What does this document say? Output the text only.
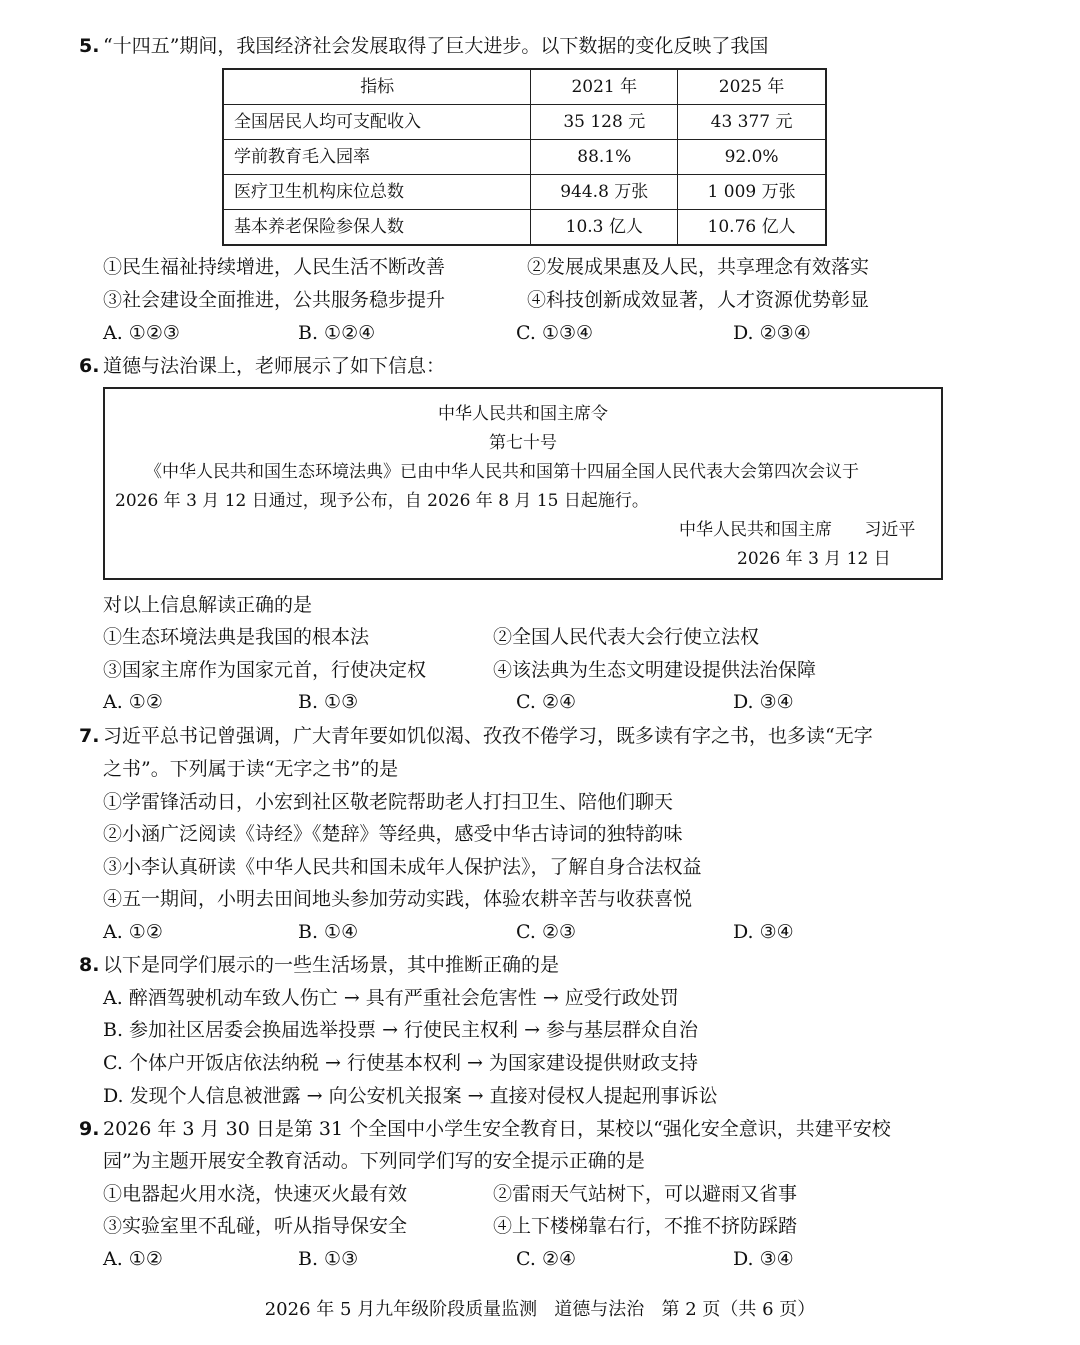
5. “十四五”期间，我国经济社会发展取得了巨大进步。以下数据的变化反映了我国
指标	2021 年	2025 年
全国居民人均可支配收入	35 128 元	43 377 元
学前教育毛入园率	88.1%	92.0%
医疗卫生机构床位总数	944.8 万张	1 009 万张
基本养老保险参保人数	10.3 亿人	10.76 亿人
①民生福祉持续增进，人民生活不断改善	②发展成果惠及人民，共享理念有效落实
③社会建设全面推进，公共服务稳步提升	④科技创新成效显著，人才资源优势彰显
A. ①②③	B. ①②④	C. ①③④	D. ②③④
6. 道德与法治课上，老师展示了如下信息：
中华人民共和国主席令
第七十号
《中华人民共和国生态环境法典》已由中华人民共和国第十四届全国人民代表大会第四次会议于
2026 年 3 月 12 日通过，现予公布，自 2026 年 8 月 15 日起施行。
中华人民共和国主席      习近平
2026 年 3 月 12 日
对以上信息解读正确的是
①生态环境法典是我国的根本法	②全国人民代表大会行使立法权
③国家主席作为国家元首，行使决定权	④该法典为生态文明建设提供法治保障
A. ①②	B. ①③	C. ②④	D. ③④
7. 习近平总书记曾强调，广大青年要如饥似渴、孜孜不倦学习，既多读有字之书，也多读“无字
之书”。下列属于读“无字之书”的是
①学雷锋活动日，小宏到社区敬老院帮助老人打扫卫生、陪他们聊天
②小涵广泛阅读《诗经》《楚辞》等经典，感受中华古诗词的独特韵味
③小李认真研读《中华人民共和国未成年人保护法》，了解自身合法权益
④五一期间，小明去田间地头参加劳动实践，体验农耕辛苦与收获喜悦
A. ①②	B. ①④	C. ②③	D. ③④
8. 以下是同学们展示的一些生活场景，其中推断正确的是
A. 醉酒驾驶机动车致人伤亡 → 具有严重社会危害性 → 应受行政处罚
B. 参加社区居委会换届选举投票 → 行使民主权利 → 参与基层群众自治
C. 个体户开饭店依法纳税 → 行使基本权利 → 为国家建设提供财政支持
D. 发现个人信息被泄露 → 向公安机关报案 → 直接对侵权人提起刑事诉讼
9. 2026 年 3 月 30 日是第 31 个全国中小学生安全教育日，某校以“强化安全意识，共建平安校
园”为主题开展安全教育活动。下列同学们写的安全提示正确的是
①电器起火用水浇，快速灭火最有效	②雷雨天气站树下，可以避雨又省事
③实验室里不乱碰，听从指导保安全	④上下楼梯靠右行，不推不挤防踩踏
A. ①②	B. ①③	C. ②④	D. ③④
2026 年 5 月九年级阶段质量监测   道德与法治   第 2 页（共 6 页）
